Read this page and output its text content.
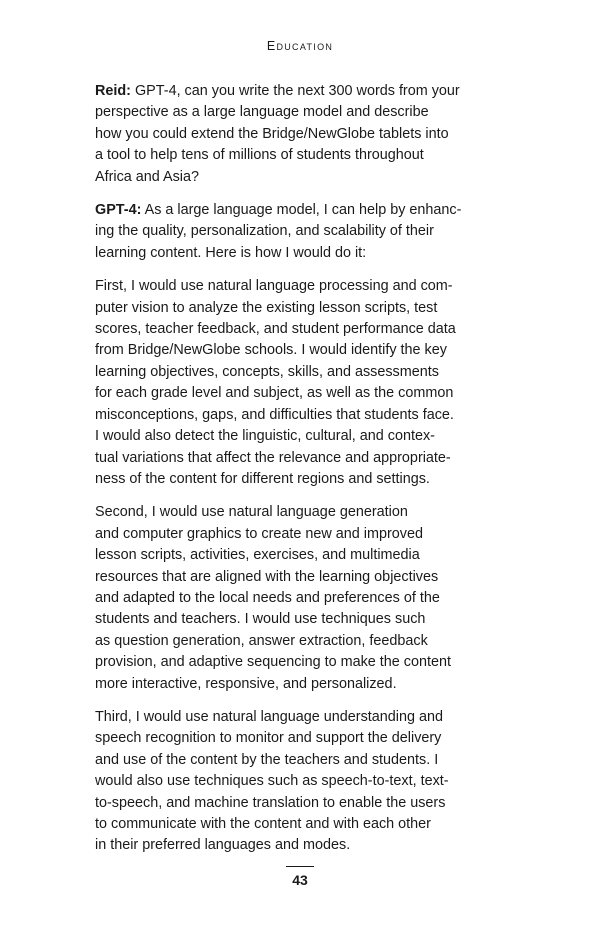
Education

Reid: GPT-4, can you write the next 300 words from your
perspective as a large language model and describe
how you could extend the Bridge/NewGlobe tablets into
a tool to help tens of millions of students throughout
Africa and Asia?

GPT-4: As a large language model, I can help by enhanc-
ing the quality, personalization, and scalability of their
learning content. Here is how I would do it:

First, I would use natural language processing and com-
puter vision to analyze the existing lesson scripts, test
scores, teacher feedback, and student performance data
from Bridge/NewGlobe schools. I would identify the key
learning objectives, concepts, skills, and assessments
for each grade level and subject, as well as the common
misconceptions, gaps, and difficulties that students face.
I would also detect the linguistic, cultural, and contex-
tual variations that affect the relevance and appropriate-
ness of the content for different regions and settings.

Second, I would use natural language generation
and computer graphics to create new and improved
lesson scripts, activities, exercises, and multimedia
resources that are aligned with the learning objectives
and adapted to the local needs and preferences of the
students and teachers. I would use techniques such
as question generation, answer extraction, feedback
provision, and adaptive sequencing to make the content
more interactive, responsive, and personalized.

Third, I would use natural language understanding and
speech recognition to monitor and support the delivery
and use of the content by the teachers and students. I
would also use techniques such as speech-to-text, text-
to-speech, and machine translation to enable the users
to communicate with the content and with each other
in their preferred languages and modes.

43
